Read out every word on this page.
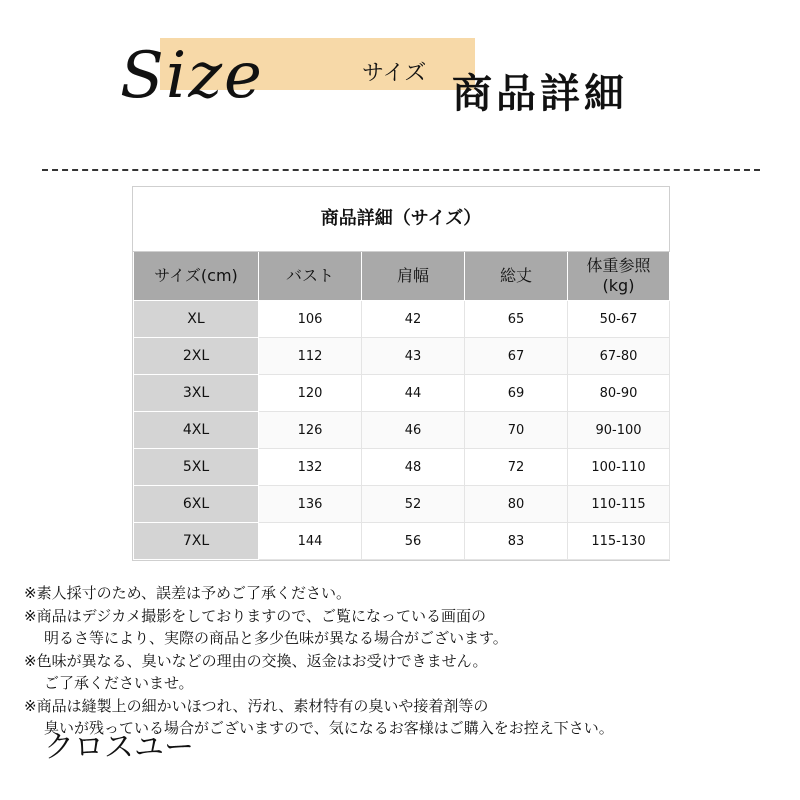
Size	サイズ 商品詳細
商品詳細（サイズ）
サイズ(cm)	バスト	肩幅	総丈	体重参照
(kg)
XL	106	42	65	50-67
2XL	112	43	67	67-80
3XL	120	44	69	80-90
4XL	126	46	70	90-100
5XL	132	48	72	100-110
6XL	136	52	80	110-115
7XL	144	56	83	115-130
※素人採寸のため、誤差は予めご了承ください。
※商品はデジカメ撮影をしておりますので、ご覧になっている画面の
明るさ等により、実際の商品と多少色味が異なる場合がございます。
※色味が異なる、臭いなどの理由の交換、返金はお受けできません。
ご了承くださいませ。
※商品は縫製上の細かいほつれ、汚れ、素材特有の臭いや接着剤等の
臭いが残っている場合がございますので、気になるお客様はご購入をお控え下さい。
クロスユー
